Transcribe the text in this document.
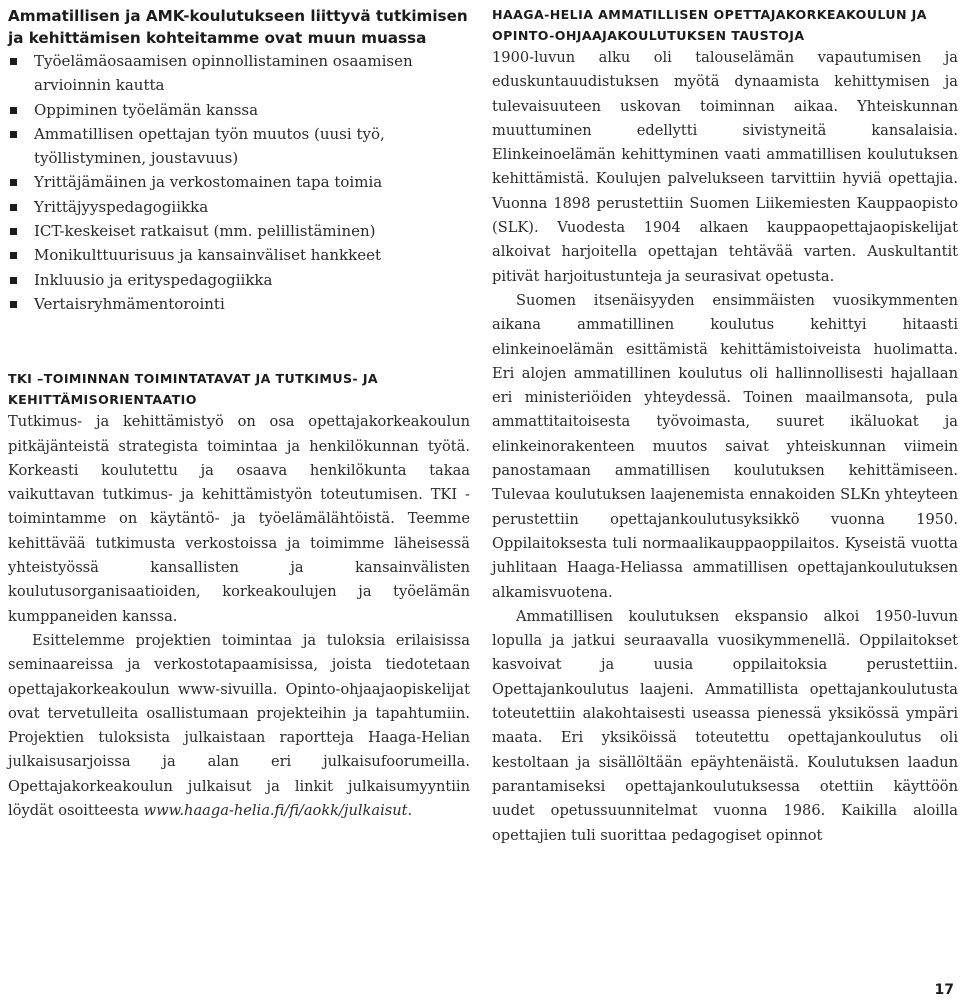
Ammatillisen ja AMK-koulutukseen liittyvä tutkimisen ja kehittämisen kohteitamme ovat muun muassa
Työelämäosaamisen opinnollistaminen osaamisen arvioinnin kautta
Oppiminen työelämän kanssa
Ammatillisen opettajan työn muutos (uusi työ, työllistyminen, joustavuus)
Yrittäjämäinen ja verkostomainen tapa toimia
Yrittäjyyspedagogiikka
ICT-keskeiset ratkaisut (mm. pelillistäminen)
Monikulttuurisuus ja kansainväliset hankkeet
Inkluusio ja erityspedagogiikka
Vertaisryhmämentorointi
TKI –TOIMINNAN TOIMINTATAVAT JA TUTKIMUS- JA KEHITTÄMISORIENTAATIO

Tutkimus- ja kehittämistyö on osa opettajakorkeakoulun pitkäjänteistä strategista toimintaa ja henkilökunnan työtä. Korkeasti koulutettu ja osaava henkilökunta takaa vaikuttavan tutkimus- ja kehittämistyön toteutumisen. TKI -toimintamme on käytäntö- ja työelämälähtöistä. Teemme kehittävää tutkimusta verkostoissa ja toimimme läheisessä yhteistyössä kansallisten ja kansainvälisten koulutusorganisaatioiden, korkeakoulujen ja työelämän kumppaneiden kanssa.

Esittelemme projektien toimintaa ja tuloksia erilaisissa seminaareissa ja verkostotapaamisissa, joista tiedotetaan opettajakorkeakoulun www-sivuilla. Opinto-ohjaajaopiskelijat ovat tervetulleita osallistumaan projekteihin ja tapahtumiin. Projektien tuloksista julkaistaan raportteja Haaga-Helian julkaisusarjoissa ja alan eri julkaisufoorumeilla. Opettajakorkeakoulun julkaisut ja linkit julkaisumyyntiin löydät osoitteesta www.haaga-helia.fi/fi/aokk/julkaisut.

HAAGA-HELIA AMMATILLISEN OPETTAJAKORKEAKOULUN JA OPINTO-OHJAAJAKOULUTUKSEN TAUSTOJA

1900-luvun alku oli talouselämän vapautumisen ja eduskuntauudistuksen myötä dynaamista kehittymisen ja tulevaisuuteen uskovan toiminnan aikaa. Yhteiskunnan muuttuminen edellytti sivistyneitä kansalaisia. Elinkeinoelämän kehittyminen vaati ammatillisen koulutuksen kehittämistä. Koulujen palvelukseen tarvittiin hyviä opettajia. Vuonna 1898 perustettiin Suomen Liikemiesten Kauppaopisto (SLK). Vuodesta 1904 alkaen kauppaopettajaopiskelijat alkoivat harjoitella opettajan tehtävää varten. Auskultantit pitivät harjoitustunteja ja seurasivat opetusta.

Suomen itsenäisyyden ensimmäisten vuosikymmenten aikana ammatillinen koulutus kehittyi hitaasti elinkeinoelämän esittämistä kehittämistoiveista huolimatta. Eri alojen ammatillinen koulutus oli hallinnollisesti hajallaan eri ministeriöiden yhteydessä. Toinen maailmansota, pula ammattitaitoisesta työvoimasta, suuret ikäluokat ja elinkeinorakenteen muutos saivat yhteiskunnan viimein panostamaan ammatillisen koulutuksen kehittämiseen. Tulevaa koulutuksen laajenemista ennakoiden SLKn yhteyteen perustettiin opettajankoulutusyksikkö vuonna 1950. Oppilaitoksesta tuli normaalikauppaoppilaitos. Kyseistä vuotta juhlitaan Haaga-Heliassa ammatillisen opettajankoulutuksen alkamisvuotena.

Ammatillisen koulutuksen ekspansio alkoi 1950-luvun lopulla ja jatkui seuraavalla vuosikymmenellä. Oppilaitokset kasvoivat ja uusia oppilaitoksia perustettiin. Opettajankoulutus laajeni. Ammatillista opettajankoulutusta toteutettiin alakohtaisesti useassa pienessä yksikössä ympäri maata. Eri yksiköissä toteutettu opettajankoulutus oli kestoltaan ja sisällöltään epäyhtenäistä. Koulutuksen laadun parantamiseksi opettajankoulutuksessa otettiin käyttöön uudet opetussuunnitelmat vuonna 1986. Kaikilla aloilla opettajien tuli suorittaa pedagogiset opinnot

17
